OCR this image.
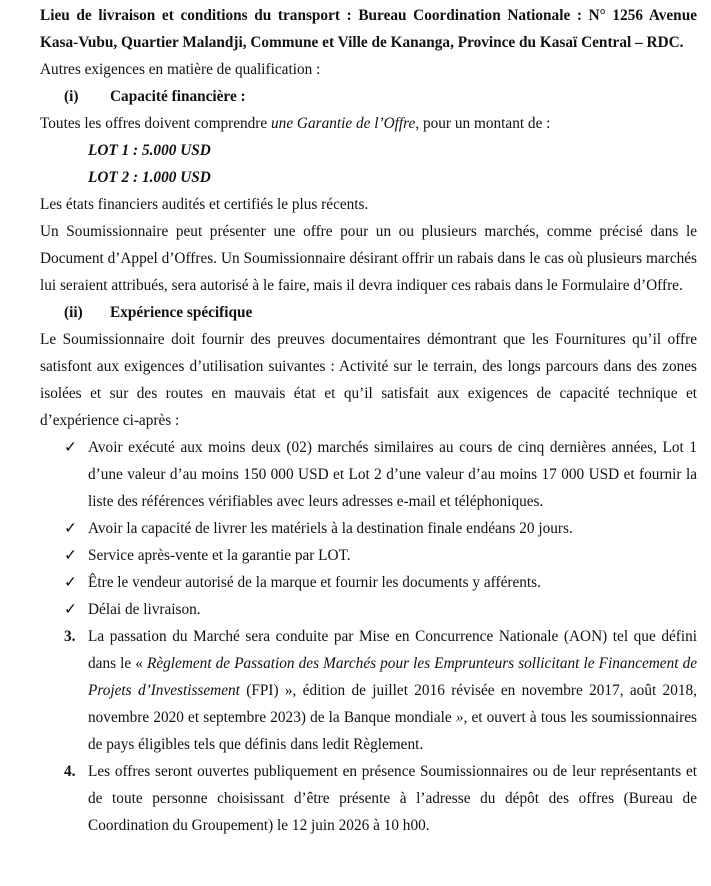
Lieu de livraison et conditions du transport : Bureau Coordination Nationale : N° 1256 Avenue Kasa-Vubu, Quartier Malandji, Commune et Ville de Kananga, Province du Kasaï Central – RDC.

Autres exigences en matière de qualification :

(i)	Capacité financière :

Toutes les offres doivent comprendre une Garantie de l’Offre, pour un montant de :

LOT 1 : 5.000 USD

LOT 2 : 1.000 USD

Les états financiers audités et certifiés le plus récents.

Un Soumissionnaire peut présenter une offre pour un ou plusieurs marchés, comme précisé dans le Document d’Appel d’Offres. Un Soumissionnaire désirant offrir un rabais dans le cas où plusieurs marchés lui seraient attribués, sera autorisé à le faire, mais il devra indiquer ces rabais dans le Formulaire d’Offre.

(ii)	Expérience spécifique

Le Soumissionnaire doit fournir des preuves documentaires démontrant que les Fournitures qu’il offre satisfont aux exigences d’utilisation suivantes : Activité sur le terrain, des longs parcours dans des zones isolées et sur des routes en mauvais état et qu’il satisfait aux exigences de capacité technique et d’expérience ci-après :

✓ Avoir exécuté aux moins deux (02) marchés similaires au cours de cinq dernières années, Lot 1 d’une valeur d’au moins 150 000 USD et Lot 2 d’une valeur d’au moins 17 000 USD et fournir la liste des références vérifiables avec leurs adresses e-mail et téléphoniques.
✓ Avoir la capacité de livrer les matériels à la destination finale endéans 20 jours.
✓ Service après-vente et la garantie par LOT.
✓ Être le vendeur autorisé de la marque et fournir les documents y afférents.
✓ Délai de livraison.
3. La passation du Marché sera conduite par Mise en Concurrence Nationale (AON) tel que défini dans le « Règlement de Passation des Marchés pour les Emprunteurs sollicitant le Financement de Projets d’Investissement (FPI) », édition de juillet 2016 révisée en novembre 2017, août 2018, novembre 2020 et septembre 2023) de la Banque mondiale », et ouvert à tous les soumissionnaires de pays éligibles tels que définis dans ledit Règlement.
4. Les offres seront ouvertes publiquement en présence Soumissionnaires ou de leur représentants et de toute personne choisissant d’être présente à l’adresse du dépôt des offres (Bureau de Coordination du Groupement) le 12 juin 2026 à 10 h00.
